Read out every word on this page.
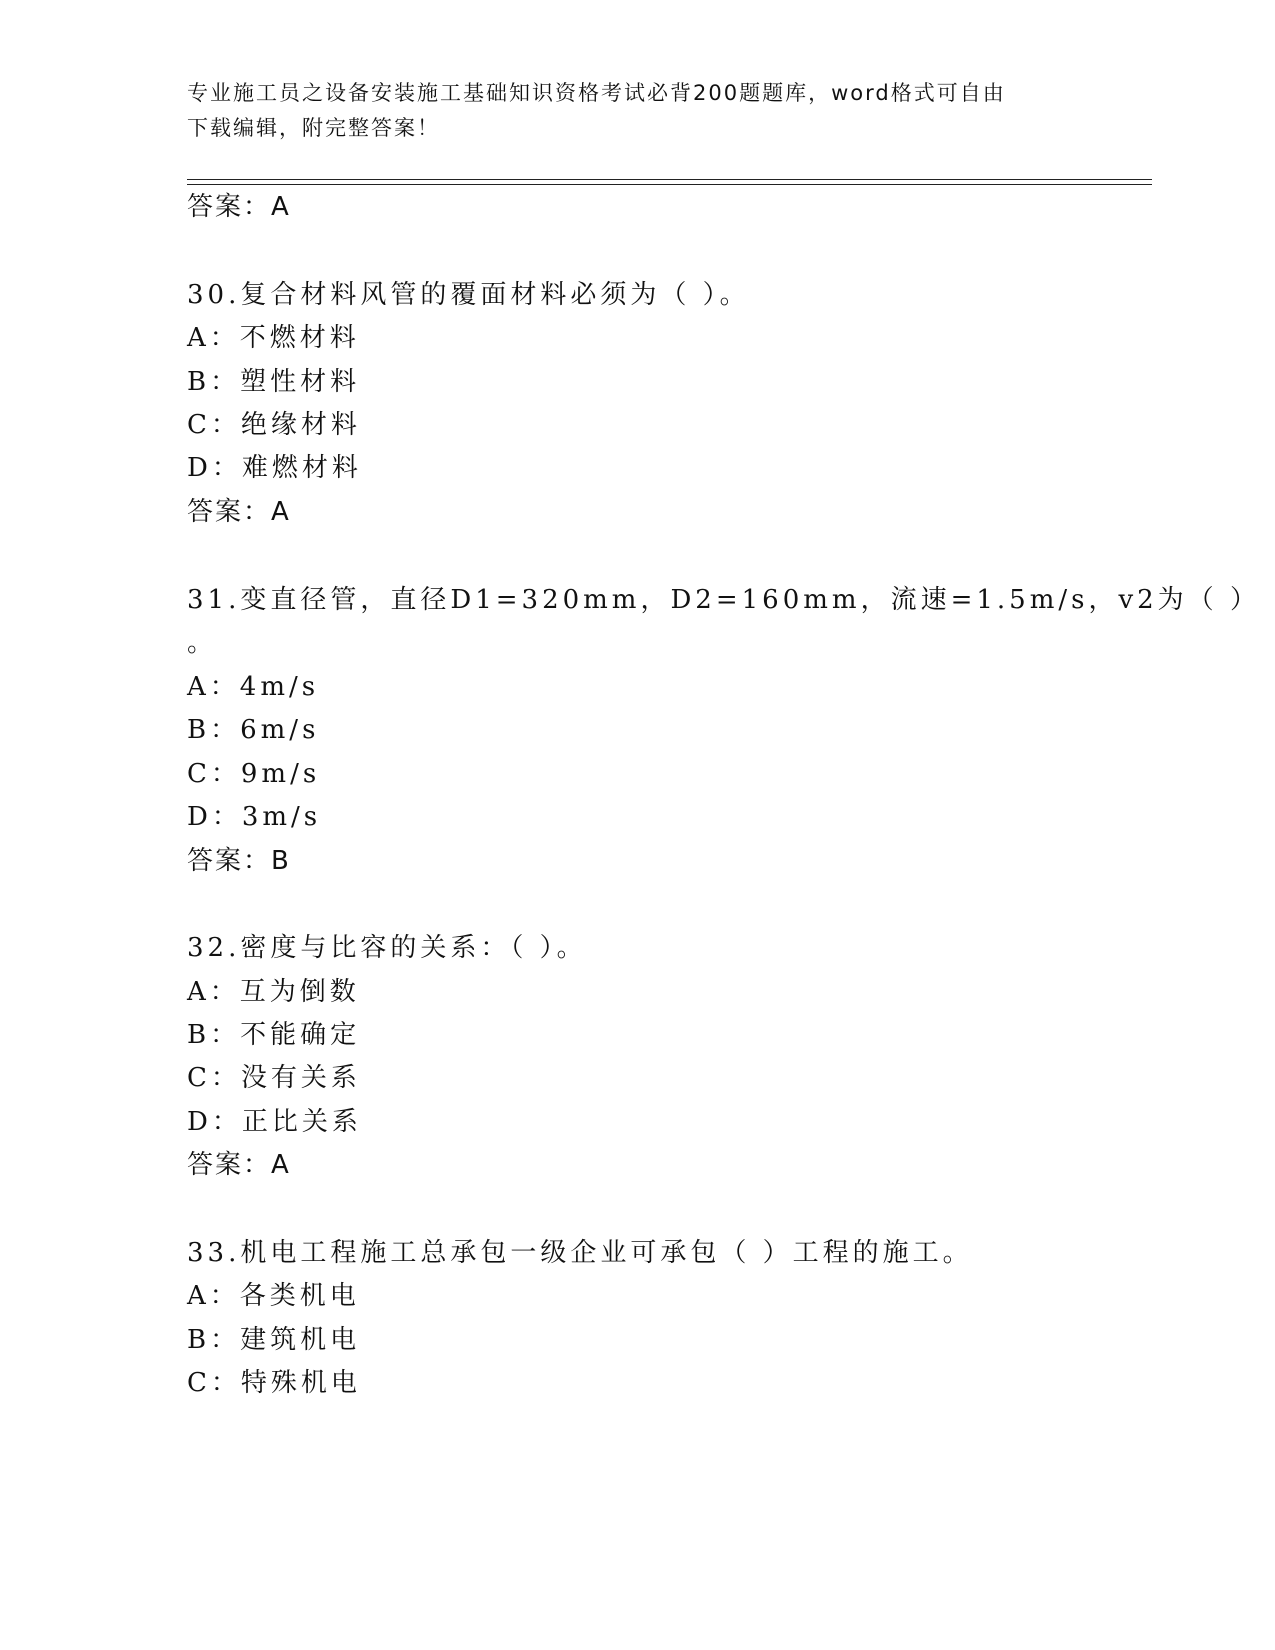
专业施工员之设备安装施工基础知识资格考试必背200题题库，word格式可自由
下载编辑，附完整答案！

答案：A

30.复合材料风管的覆面材料必须为（ ）。

A：不燃材料

B：塑性材料

C：绝缘材料

D：难燃材料

答案：A

31.变直径管，直径D1=320mm，D2=160mm，流速=1.5m/s，v2为（ ）

。

A：4m/s

B：6m/s

C：9m/s

D：3m/s

答案：B

32.密度与比容的关系：（ ）。

A：互为倒数

B：不能确定

C：没有关系

D：正比关系

答案：A

33.机电工程施工总承包一级企业可承包（ ）工程的施工。

A：各类机电

B：建筑机电

C：特殊机电
